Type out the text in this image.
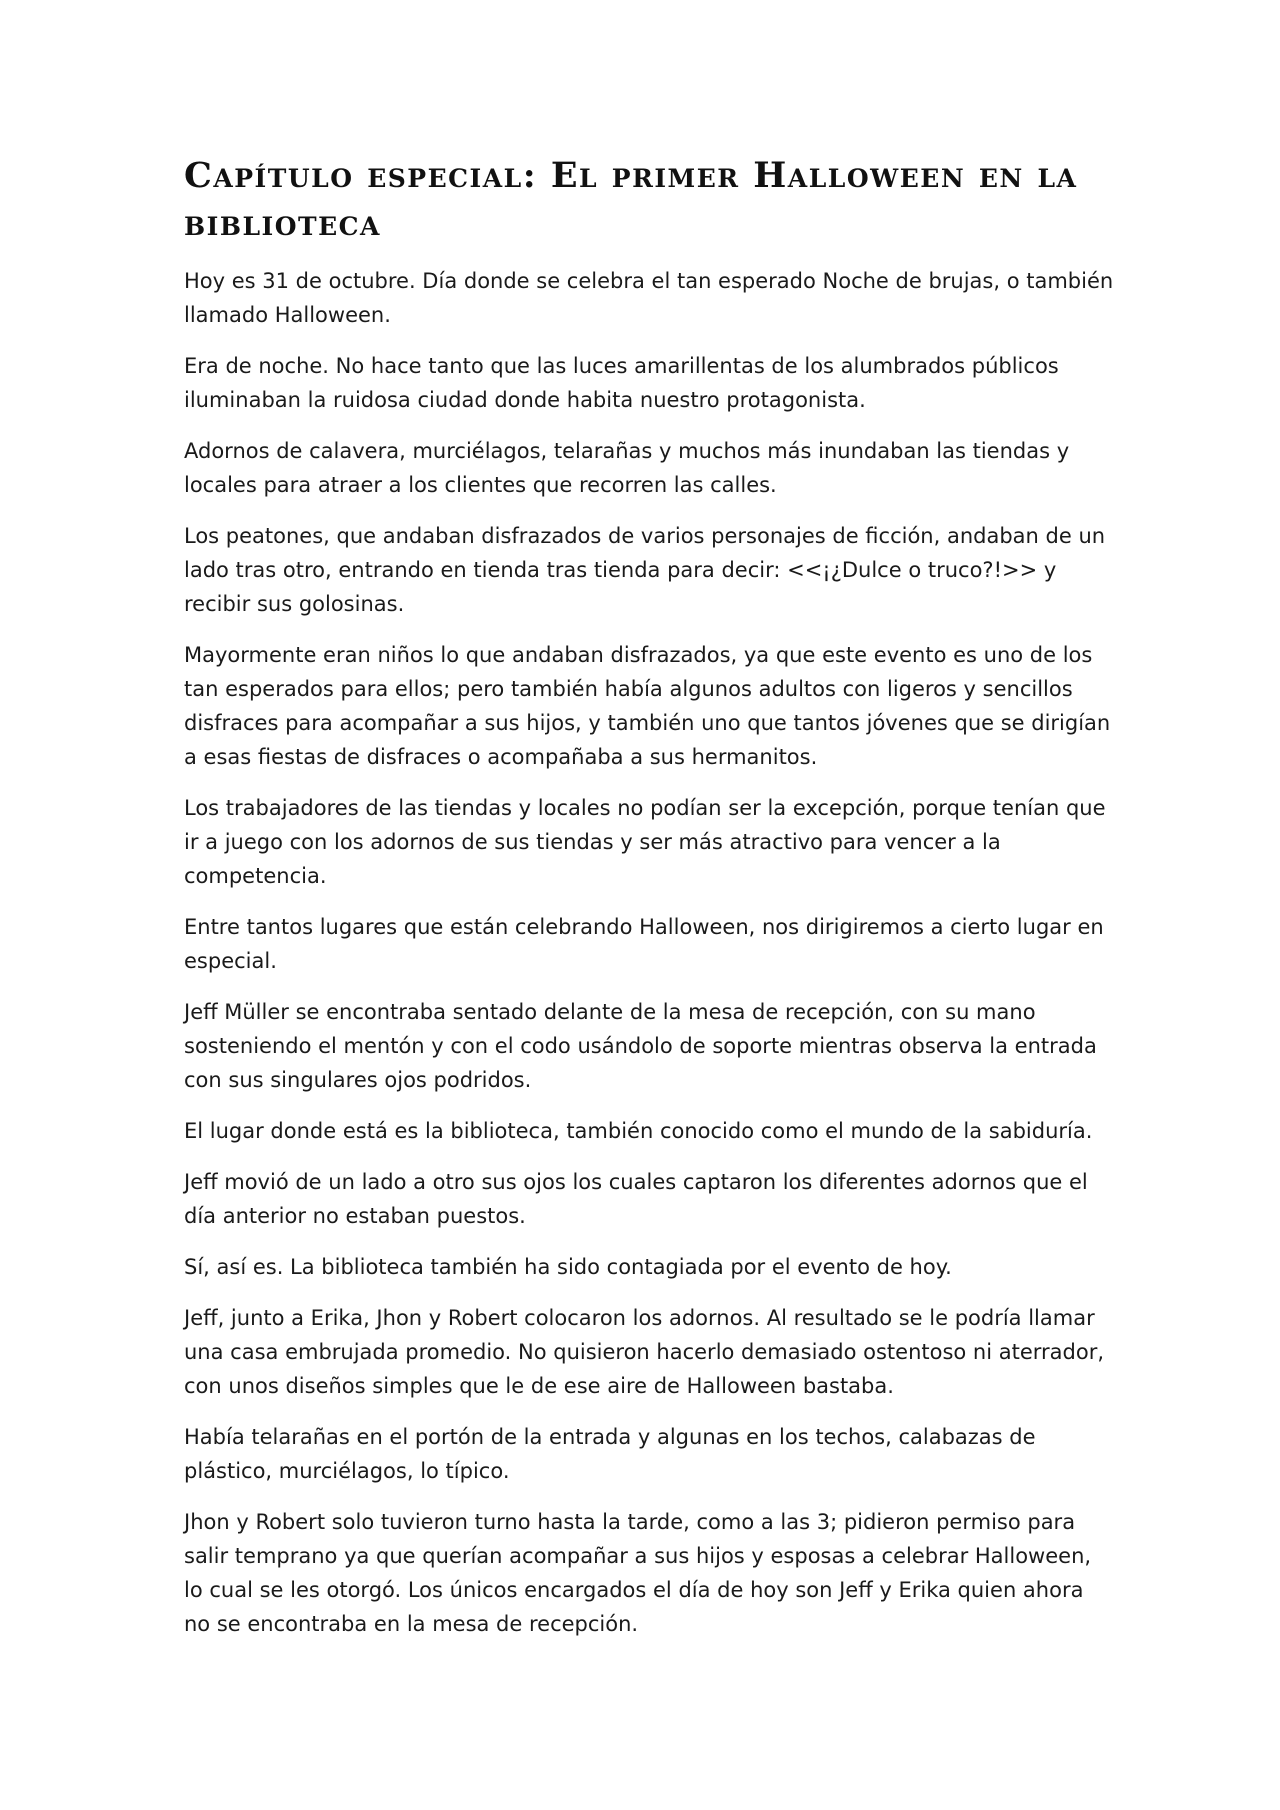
Capítulo especial: El primer Halloween en la biblioteca

Hoy es 31 de octubre. Día donde se celebra el tan esperado Noche de brujas, o también llamado Halloween.

Era de noche. No hace tanto que las luces amarillentas de los alumbrados públicos iluminaban la ruidosa ciudad donde habita nuestro protagonista.

Adornos de calavera, murciélagos, telarañas y muchos más inundaban las tiendas y locales para atraer a los clientes que recorren las calles.

Los peatones, que andaban disfrazados de varios personajes de ficción, andaban de un lado tras otro, entrando en tienda tras tienda para decir: <<¡¿Dulce o truco?!>> y recibir sus golosinas.

Mayormente eran niños lo que andaban disfrazados, ya que este evento es uno de los tan esperados para ellos; pero también había algunos adultos con ligeros y sencillos disfraces para acompañar a sus hijos, y también uno que tantos jóvenes que se dirigían a esas fiestas de disfraces o acompañaba a sus hermanitos.

Los trabajadores de las tiendas y locales no podían ser la excepción, porque tenían que ir a juego con los adornos de sus tiendas y ser más atractivo para vencer a la competencia.

Entre tantos lugares que están celebrando Halloween, nos dirigiremos a cierto lugar en especial.

Jeff Müller se encontraba sentado delante de la mesa de recepción, con su mano sosteniendo el mentón y con el codo usándolo de soporte mientras observa la entrada con sus singulares ojos podridos.

El lugar donde está es la biblioteca, también conocido como el mundo de la sabiduría.

Jeff movió de un lado a otro sus ojos los cuales captaron los diferentes adornos que el día anterior no estaban puestos.

Sí, así es. La biblioteca también ha sido contagiada por el evento de hoy.

Jeff, junto a Erika, Jhon y Robert colocaron los adornos. Al resultado se le podría llamar una casa embrujada promedio. No quisieron hacerlo demasiado ostentoso ni aterrador, con unos diseños simples que le de ese aire de Halloween bastaba.

Había telarañas en el portón de la entrada y algunas en los techos, calabazas de plástico, murciélagos, lo típico.

Jhon y Robert solo tuvieron turno hasta la tarde, como a las 3; pidieron permiso para salir temprano ya que querían acompañar a sus hijos y esposas a celebrar Halloween, lo cual se les otorgó. Los únicos encargados el día de hoy son Jeff y Erika quien ahora no se encontraba en la mesa de recepción.
